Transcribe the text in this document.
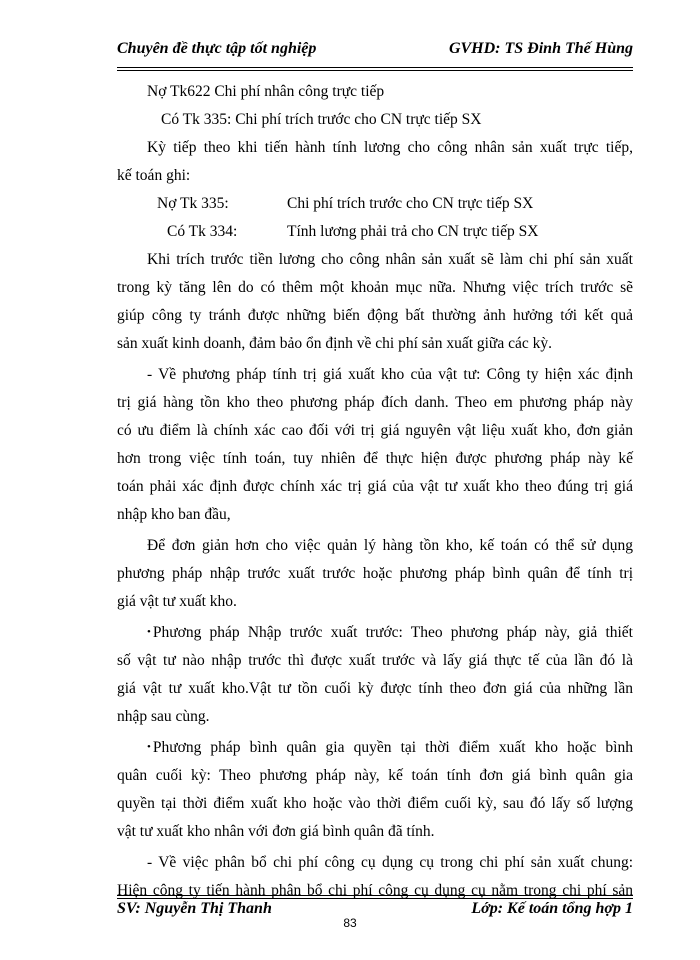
Chuyên đề thực tập tốt nghiệp	GVHD: TS Đinh Thế Hùng
Nợ Tk622 Chi phí nhân công trực tiếp
Có Tk 335: Chi phí trích trước cho CN trực tiếp SX
Kỳ tiếp theo khi tiến hành tính lương cho công nhân sản xuất trực tiếp,
kế toán ghi:
Nợ Tk 335:	Chi phí trích trước cho CN trực tiếp SX
Có Tk 334:	Tính lương phải trả cho CN trực tiếp SX
Khi trích trước tiền lương cho công nhân sản xuất sẽ làm chi phí sản xuất
trong kỳ tăng lên do có thêm một khoản mục nữa. Nhưng việc trích trước sẽ
giúp công ty tránh được những biến động bất thường ảnh hưởng tới kết quả
sản xuất kinh doanh, đảm bảo ổn định về chi phí sản xuất giữa các kỳ.
- Về phương pháp tính trị giá xuất kho của vật tư: Công ty hiện xác định
trị giá hàng tồn kho theo phương pháp đích danh. Theo em phương pháp này
có ưu điểm là chính xác cao đối với trị giá nguyên vật liệu xuất kho, đơn giản
hơn trong việc tính toán, tuy nhiên để thực hiện được phương pháp này kế
toán phải xác định được chính xác trị giá của vật tư xuất kho theo đúng trị giá
nhập kho ban đầu,
Để đơn giản hơn cho việc quản lý hàng tồn kho, kế toán có thể sử dụng
phương pháp nhập trước xuất trước hoặc phương pháp bình quân để tính trị
giá vật tư xuất kho.
• Phương pháp Nhập trước xuất trước: Theo phương pháp này, giả thiết
số vật tư nào nhập trước thì được xuất trước và lấy giá thực tế của lần đó là
giá vật tư xuất kho.Vật tư tồn cuối kỳ được tính theo đơn giá của những lần
nhập sau cùng.
• Phương pháp bình quân gia quyền tại thời điểm xuất kho hoặc bình
quân cuối kỳ: Theo phương pháp này, kế toán tính đơn giá bình quân gia
quyền tại thời điểm xuất kho hoặc vào thời điểm cuối kỳ, sau đó lấy số lượng
vật tư xuất kho nhân với đơn giá bình quân đã tính.
- Về việc phân bổ chi phí công cụ dụng cụ trong chi phí sản xuất chung:
Hiện công ty tiến hành phân bổ chi phí công cụ dụng cụ nằm trong chi phí sản
SV: Nguyễn Thị Thanh	Lớp: Kế toán tổng hợp 1
83
